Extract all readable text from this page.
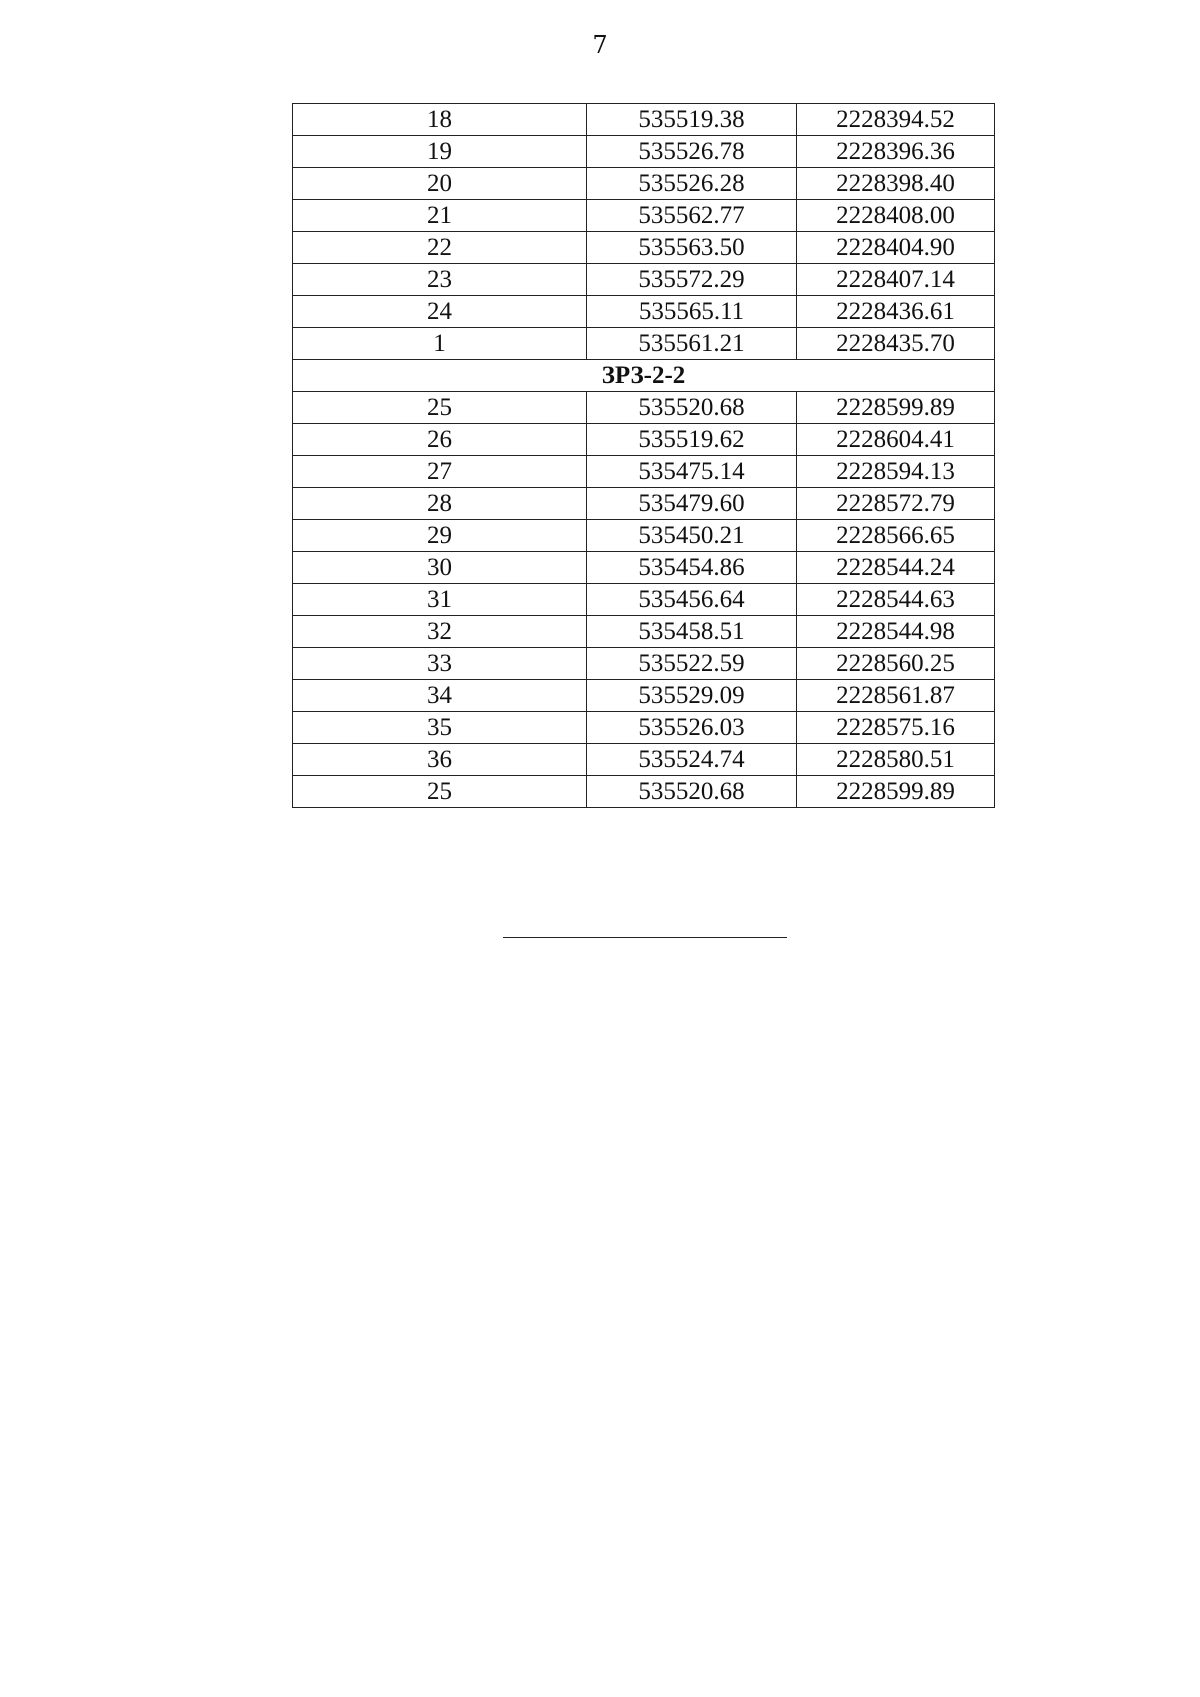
7
18	535519.38	2228394.52
19	535526.78	2228396.36
20	535526.28	2228398.40
21	535562.77	2228408.00
22	535563.50	2228404.90
23	535572.29	2228407.14
24	535565.11	2228436.61
1	535561.21	2228435.70
ЗРЗ-2-2		
25	535520.68	2228599.89
26	535519.62	2228604.41
27	535475.14	2228594.13
28	535479.60	2228572.79
29	535450.21	2228566.65
30	535454.86	2228544.24
31	535456.64	2228544.63
32	535458.51	2228544.98
33	535522.59	2228560.25
34	535529.09	2228561.87
35	535526.03	2228575.16
36	535524.74	2228580.51
25	535520.68	2228599.89
